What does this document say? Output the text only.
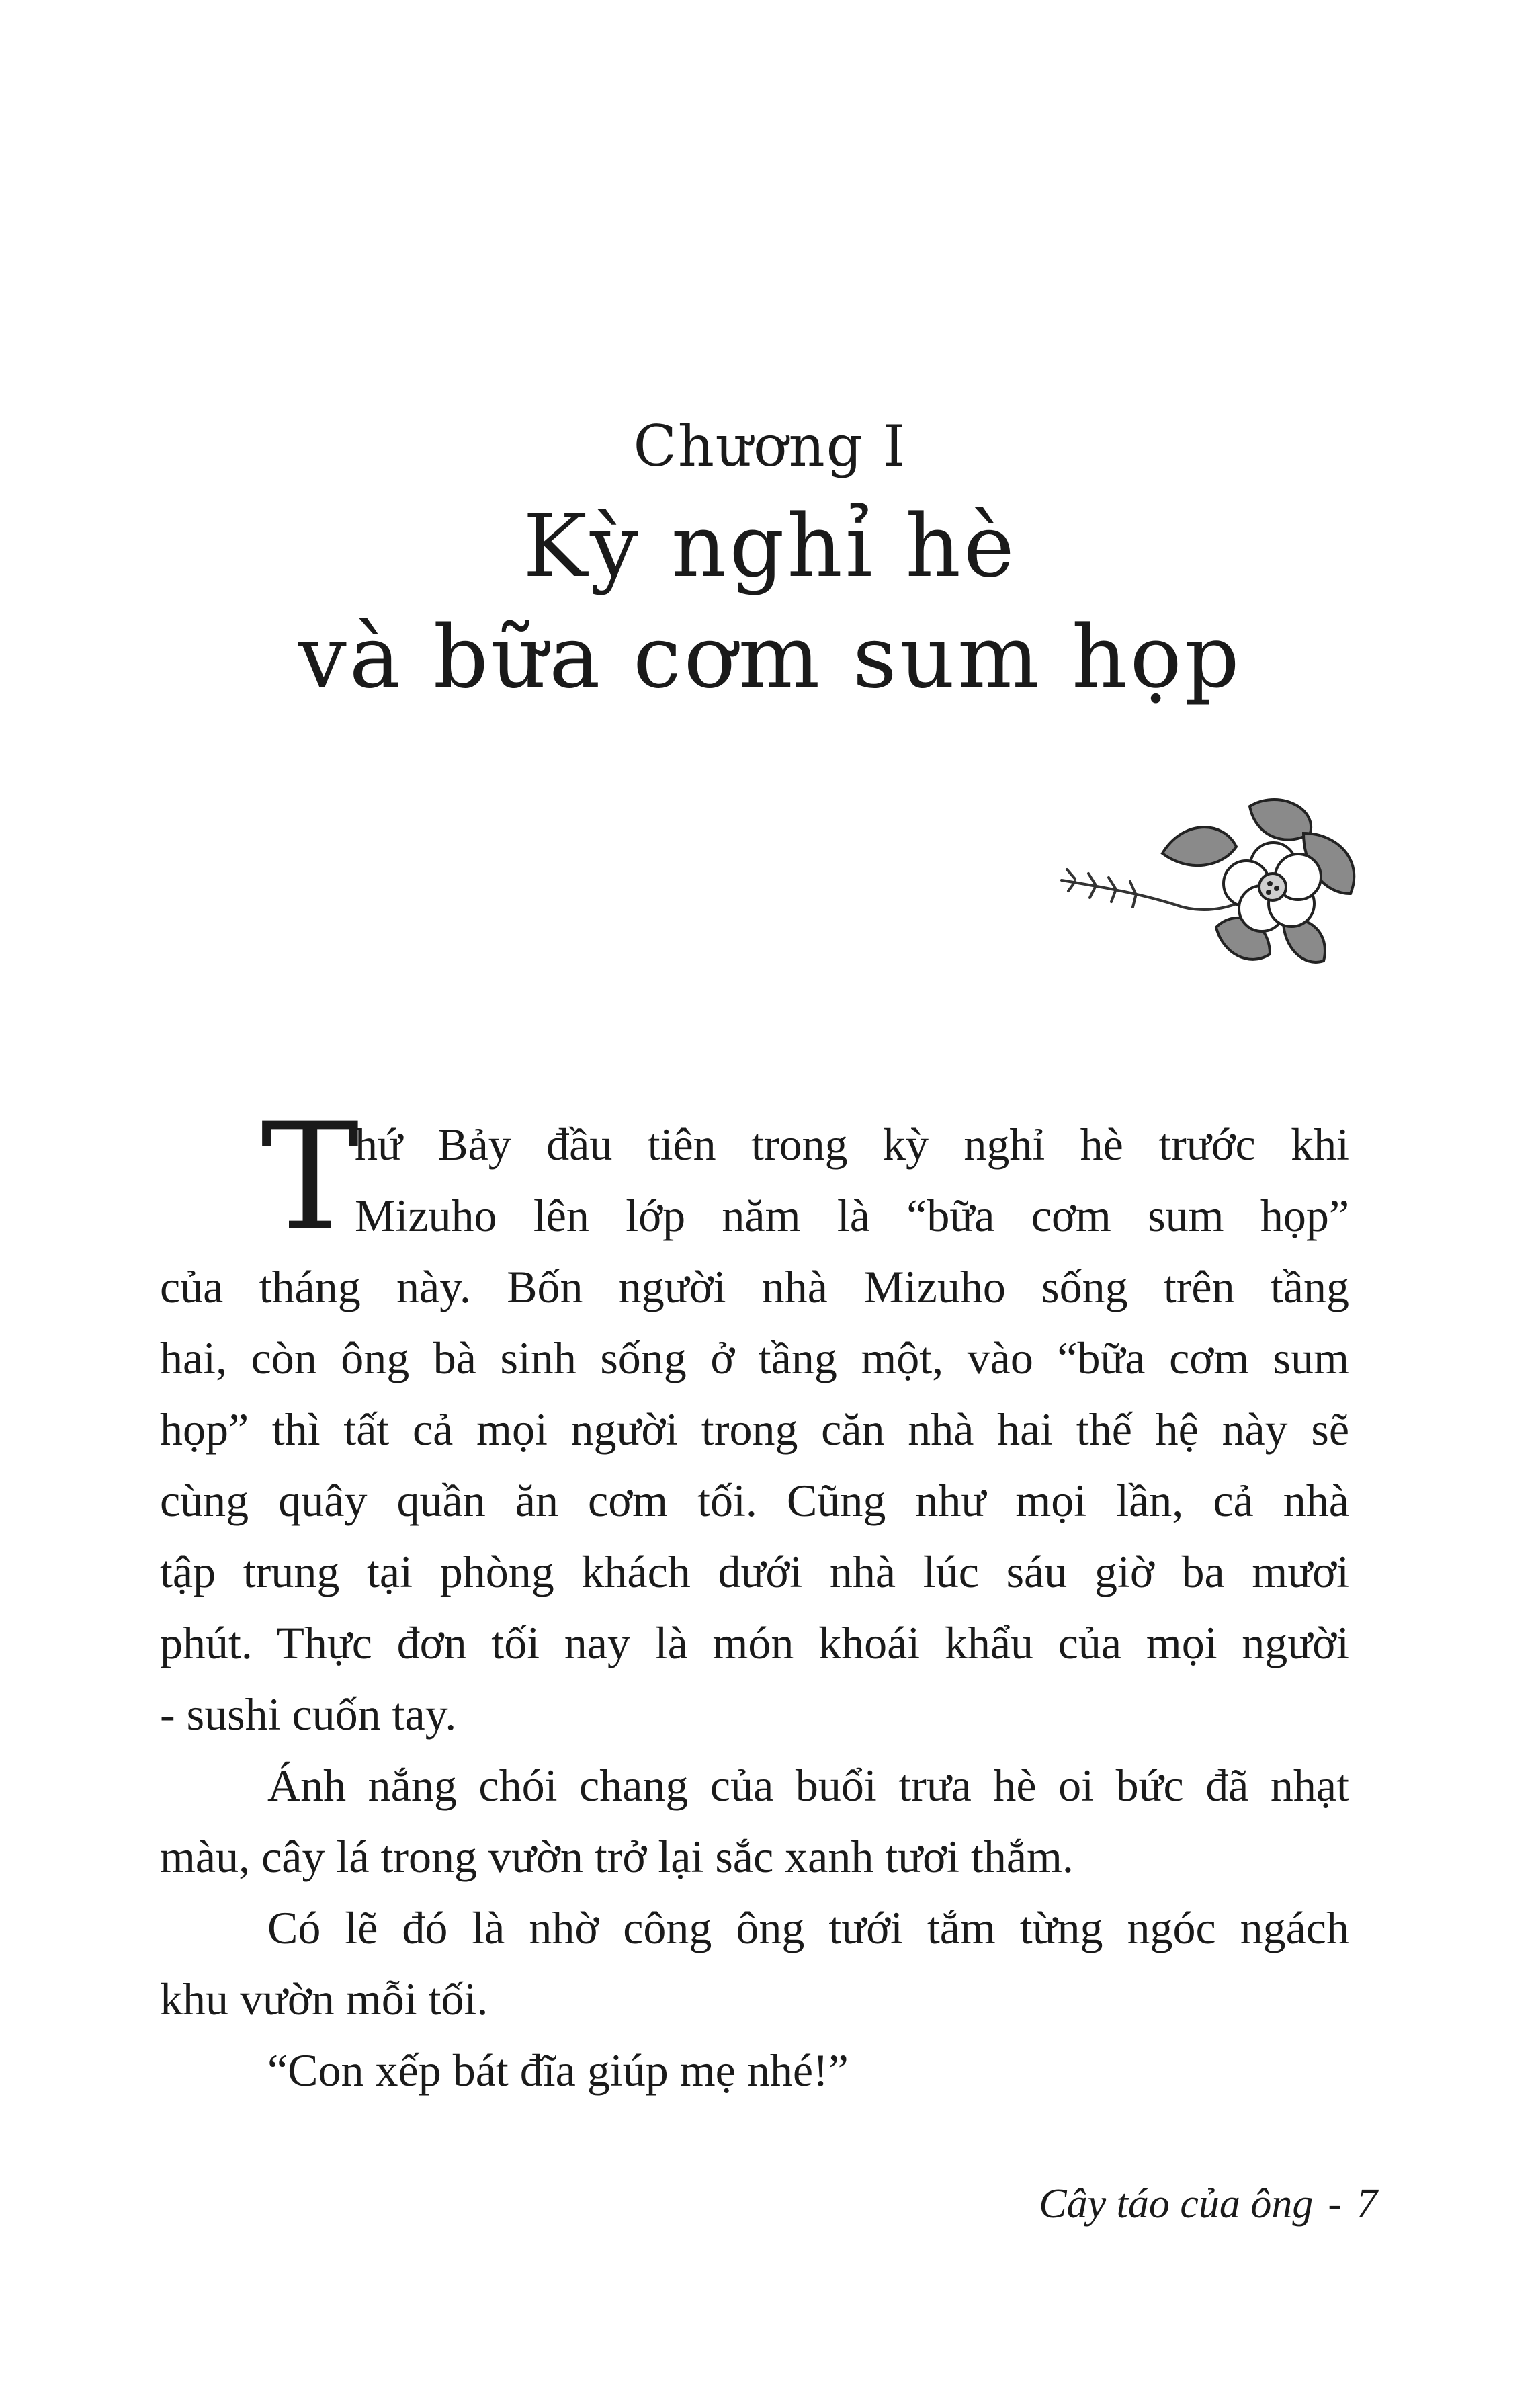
Chương I
Kỳ nghỉ hè
và bữa cơm sum họp
T
hứ Bảy đầu tiên trong kỳ nghỉ hè trước khi
Mizuho lên lớp năm là “bữa cơm sum họp”
của tháng này. Bốn người nhà Mizuho sống trên tầng
hai, còn ông bà sinh sống ở tầng một, vào “bữa cơm sum
họp” thì tất cả mọi người trong căn nhà hai thế hệ này sẽ
cùng quây quần ăn cơm tối. Cũng như mọi lần, cả nhà
tập trung tại phòng khách dưới nhà lúc sáu giờ ba mươi
phút. Thực đơn tối nay là món khoái khẩu của mọi người
- sushi cuốn tay.
Ánh nắng chói chang của buổi trưa hè oi bức đã nhạt
màu, cây lá trong vườn trở lại sắc xanh tươi thắm.
Có lẽ đó là nhờ công ông tưới tắm từng ngóc ngách
khu vườn mỗi tối.
“Con xếp bát đĩa giúp mẹ nhé!”
Cây táo của ông - 7
